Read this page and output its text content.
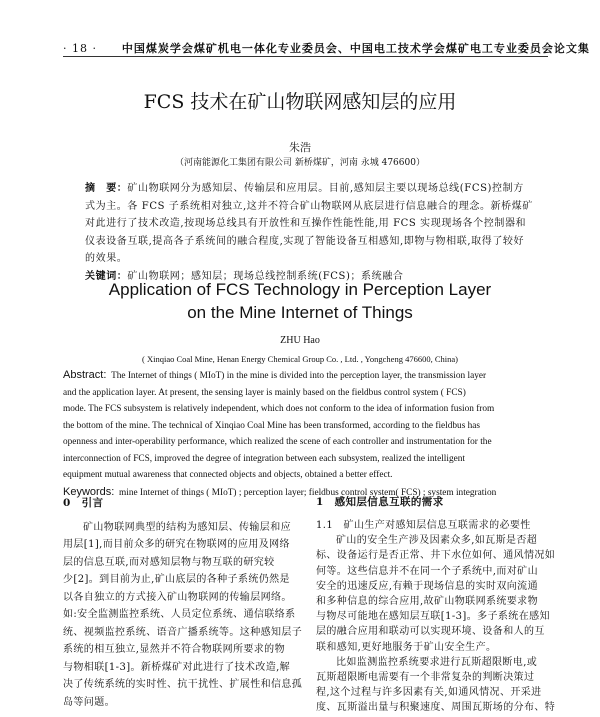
· 18 · 中国煤炭学会煤矿机电一体化专业委员会、中国电工技术学会煤矿电工专业委员会论文集
FCS 技术在矿山物联网感知层的应用
朱浩
（河南能源化工集团有限公司 新桥煤矿，河南 永城 476600）
摘　要：矿山物联网分为感知层、传输层和应用层。目前,感知层主要以现场总线(FCS)控制方
式为主。各 FCS 子系统相对独立,这并不符合矿山物联网从底层进行信息融合的理念。新桥煤矿
对此进行了技术改造,按现场总线具有开放性和互操作性能性能,用 FCS 实现现场各个控制器和
仪表设备互联,提高各子系统间的融合程度,实现了智能设备互相感知,即物与物相联,取得了较好
的效果。
关键词：矿山物联网；感知层；现场总线控制系统(FCS)；系统融合
Application of FCS Technology in Perception Layer
on the Mine Internet of Things
ZHU Hao
( Xinqiao Coal Mine, Henan Energy Chemical Group Co. , Ltd. , Yongcheng 476600, China)
Abstract: The Internet of things ( MIoT) in the mine is divided into the perception layer, the transmission layer
and the application layer. At present, the sensing layer is mainly based on the fieldbus control system ( FCS)
mode. The FCS subsystem is relatively independent, which does not conform to the idea of information fusion from
the bottom of the mine. The technical of Xinqiao Coal Mine has been transformed, according to the fieldbus has
openness and inter-operability performance, which realized the scene of each controller and instrumentation for the
interconnection of FCS, improved the degree of integration between each subsystem, realized the intelligent
equipment mutual awareness that connected objects and objects, obtained a better effect.
Keywords: mine Internet of things ( MIoT) ; perception layer; fieldbus control system( FCS) ; system integration
0　引言
矿山物联网典型的结构为感知层、传输层和应
用层[1],而目前众多的研究在物联网的应用及网络
层的信息互联,而对感知层物与物互联的研究较
少[2]。到目前为止,矿山底层的各种子系统仍然是
以各自独立的方式接入矿山物联网的传输层网络。
如:安全监测监控系统、人员定位系统、通信联络系
统、视频监控系统、语音广播系统等。这种感知层子
系统的相互独立,显然并不符合物联网所要求的物
与物相联[1-3]。新桥煤矿对此进行了技术改造,解
决了传统系统的实时性、抗干扰性、扩展性和信息孤
岛等问题。
1　感知层信息互联的需求
1.1　矿山生产对感知层信息互联需求的必要性
矿山的安全生产涉及因素众多,如瓦斯是否超
标、设备运行是否正常、井下水位如何、通风情况如
何等。这些信息并不在同一个子系统中,而对矿山
安全的迅速反应,有赖于现场信息的实时双向流通
和多种信息的综合应用,故矿山物联网系统要求物
与物尽可能地在感知层互联[1-3]。多子系统在感知
层的融合应用和联动可以实现环境、设备和人的互
联和感知,更好地服务于矿山安全生产。
比如监测监控系统要求进行瓦斯超限断电,或
瓦斯超限断电需要有一个非常复杂的判断决策过
程,这个过程与许多因素有关,如通风情况、开采进
度、瓦斯溢出量与积聚速度、周围瓦斯场的分布、特
